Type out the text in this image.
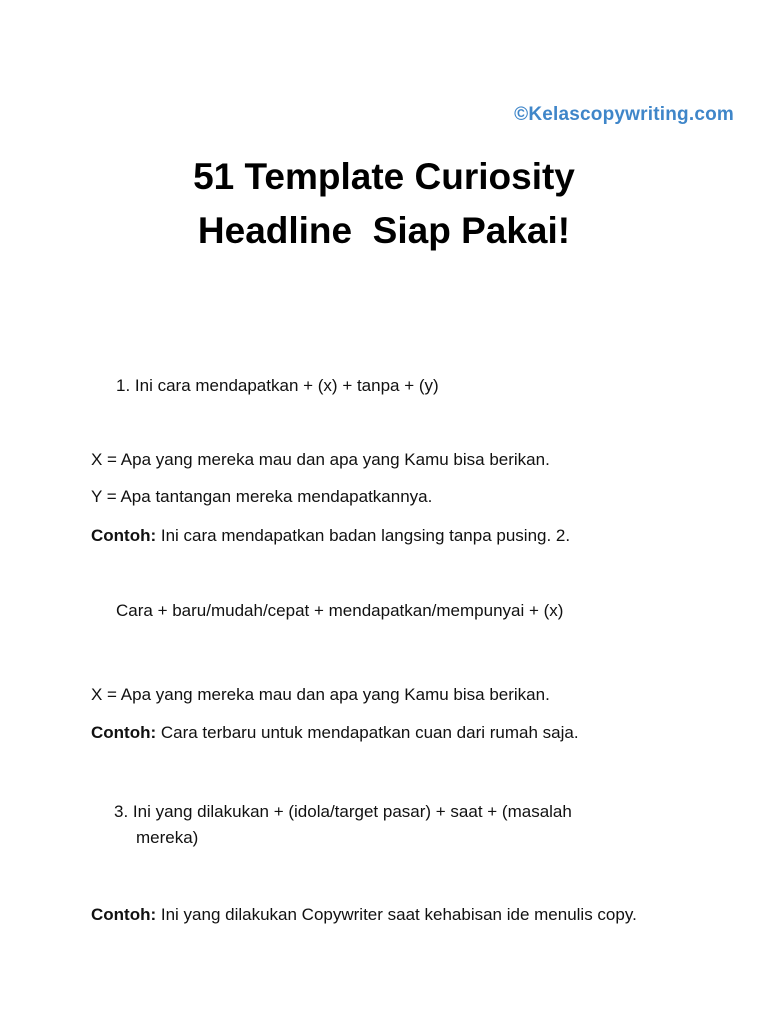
©Kelascopywriting.com
51 Template Curiosity
Headline  Siap Pakai!
1. Ini cara mendapatkan + (x) + tanpa + (y)
X = Apa yang mereka mau dan apa yang Kamu bisa berikan.
Y = Apa tantangan mereka mendapatkannya.
Contoh: Ini cara mendapatkan badan langsing tanpa pusing. 2.
Cara + baru/mudah/cepat + mendapatkan/mempunyai + (x)
X = Apa yang mereka mau dan apa yang Kamu bisa berikan.
Contoh: Cara terbaru untuk mendapatkan cuan dari rumah saja.
3. Ini yang dilakukan + (idola/target pasar) + saat + (masalah
mereka)
Contoh: Ini yang dilakukan Copywriter saat kehabisan ide menulis copy.
